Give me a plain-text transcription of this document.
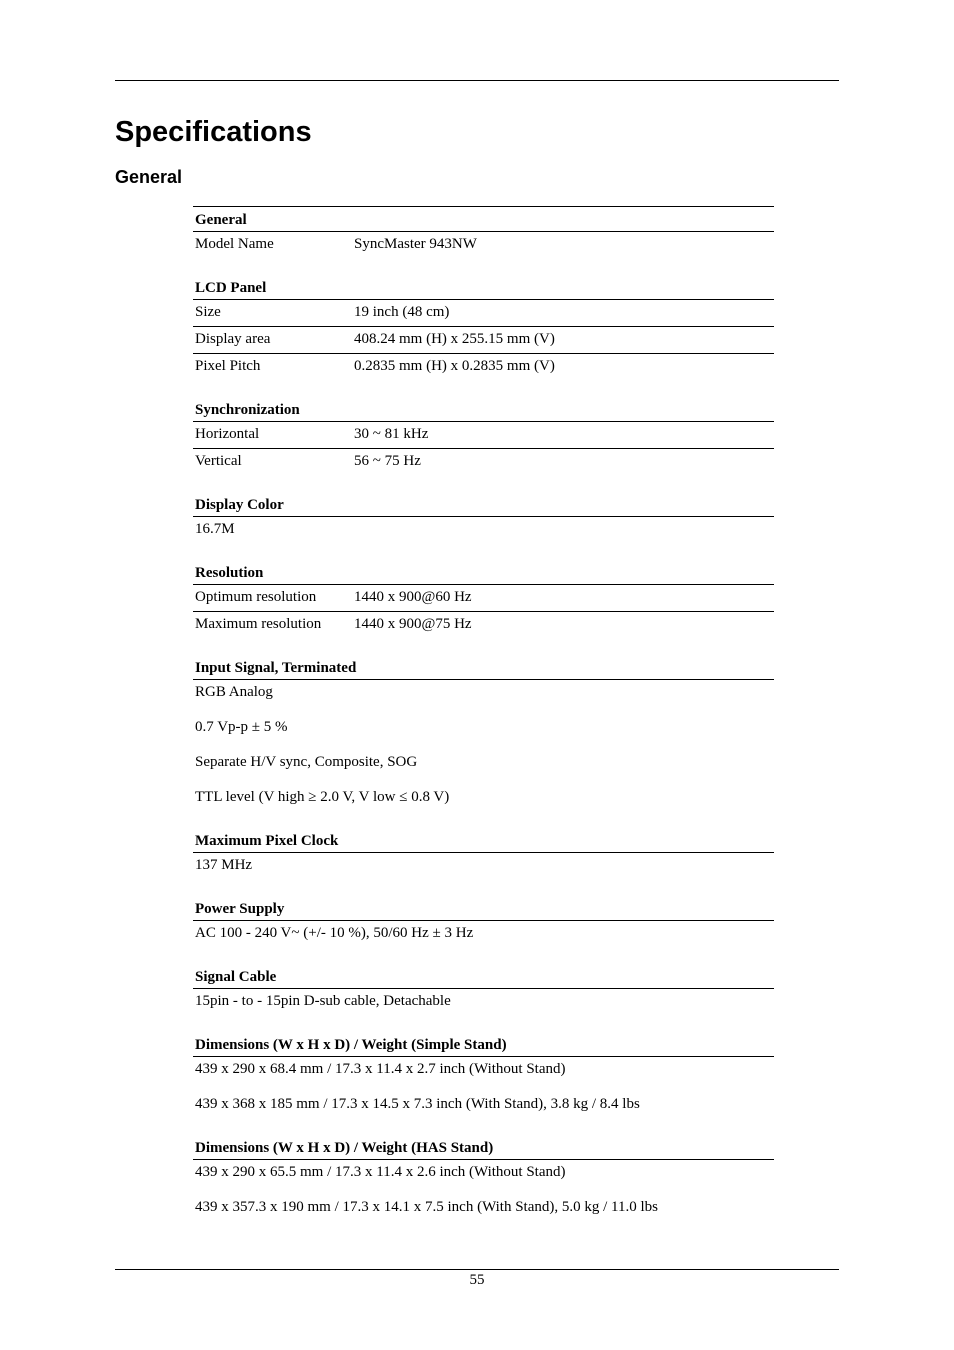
Specifications
General
General
Model Name	SyncMaster 943NW
LCD Panel
Size	19 inch (48 cm)
Display area	408.24 mm (H) x 255.15 mm (V)
Pixel Pitch	0.2835 mm (H) x 0.2835 mm (V)
Synchronization
Horizontal	30 ~ 81 kHz
Vertical	56 ~ 75 Hz
Display Color
16.7M
Resolution
Optimum resolution	1440 x 900@60 Hz
Maximum resolution 1440 x 900@75 Hz
Input Signal, Terminated
RGB Analog
0.7 Vp-p ± 5 %
Separate H/V sync, Composite, SOG
TTL level (V high ≥ 2.0 V, V low ≤ 0.8 V)
Maximum Pixel Clock
137 MHz
Power Supply
AC 100 - 240 V~ (+/- 10 %), 50/60 Hz ± 3 Hz
Signal Cable
15pin - to - 15pin D-sub cable, Detachable
Dimensions (W x H x D) / Weight (Simple Stand)
439 x 290 x 68.4 mm / 17.3 x 11.4 x 2.7 inch (Without Stand)
439 x 368 x 185 mm / 17.3 x 14.5 x 7.3 inch (With Stand), 3.8 kg / 8.4 lbs
Dimensions (W x H x D) / Weight (HAS Stand)
439 x 290 x 65.5 mm / 17.3 x 11.4 x 2.6 inch (Without Stand)
439 x 357.3 x 190 mm / 17.3 x 14.1 x 7.5 inch (With Stand), 5.0 kg / 11.0 lbs
55
